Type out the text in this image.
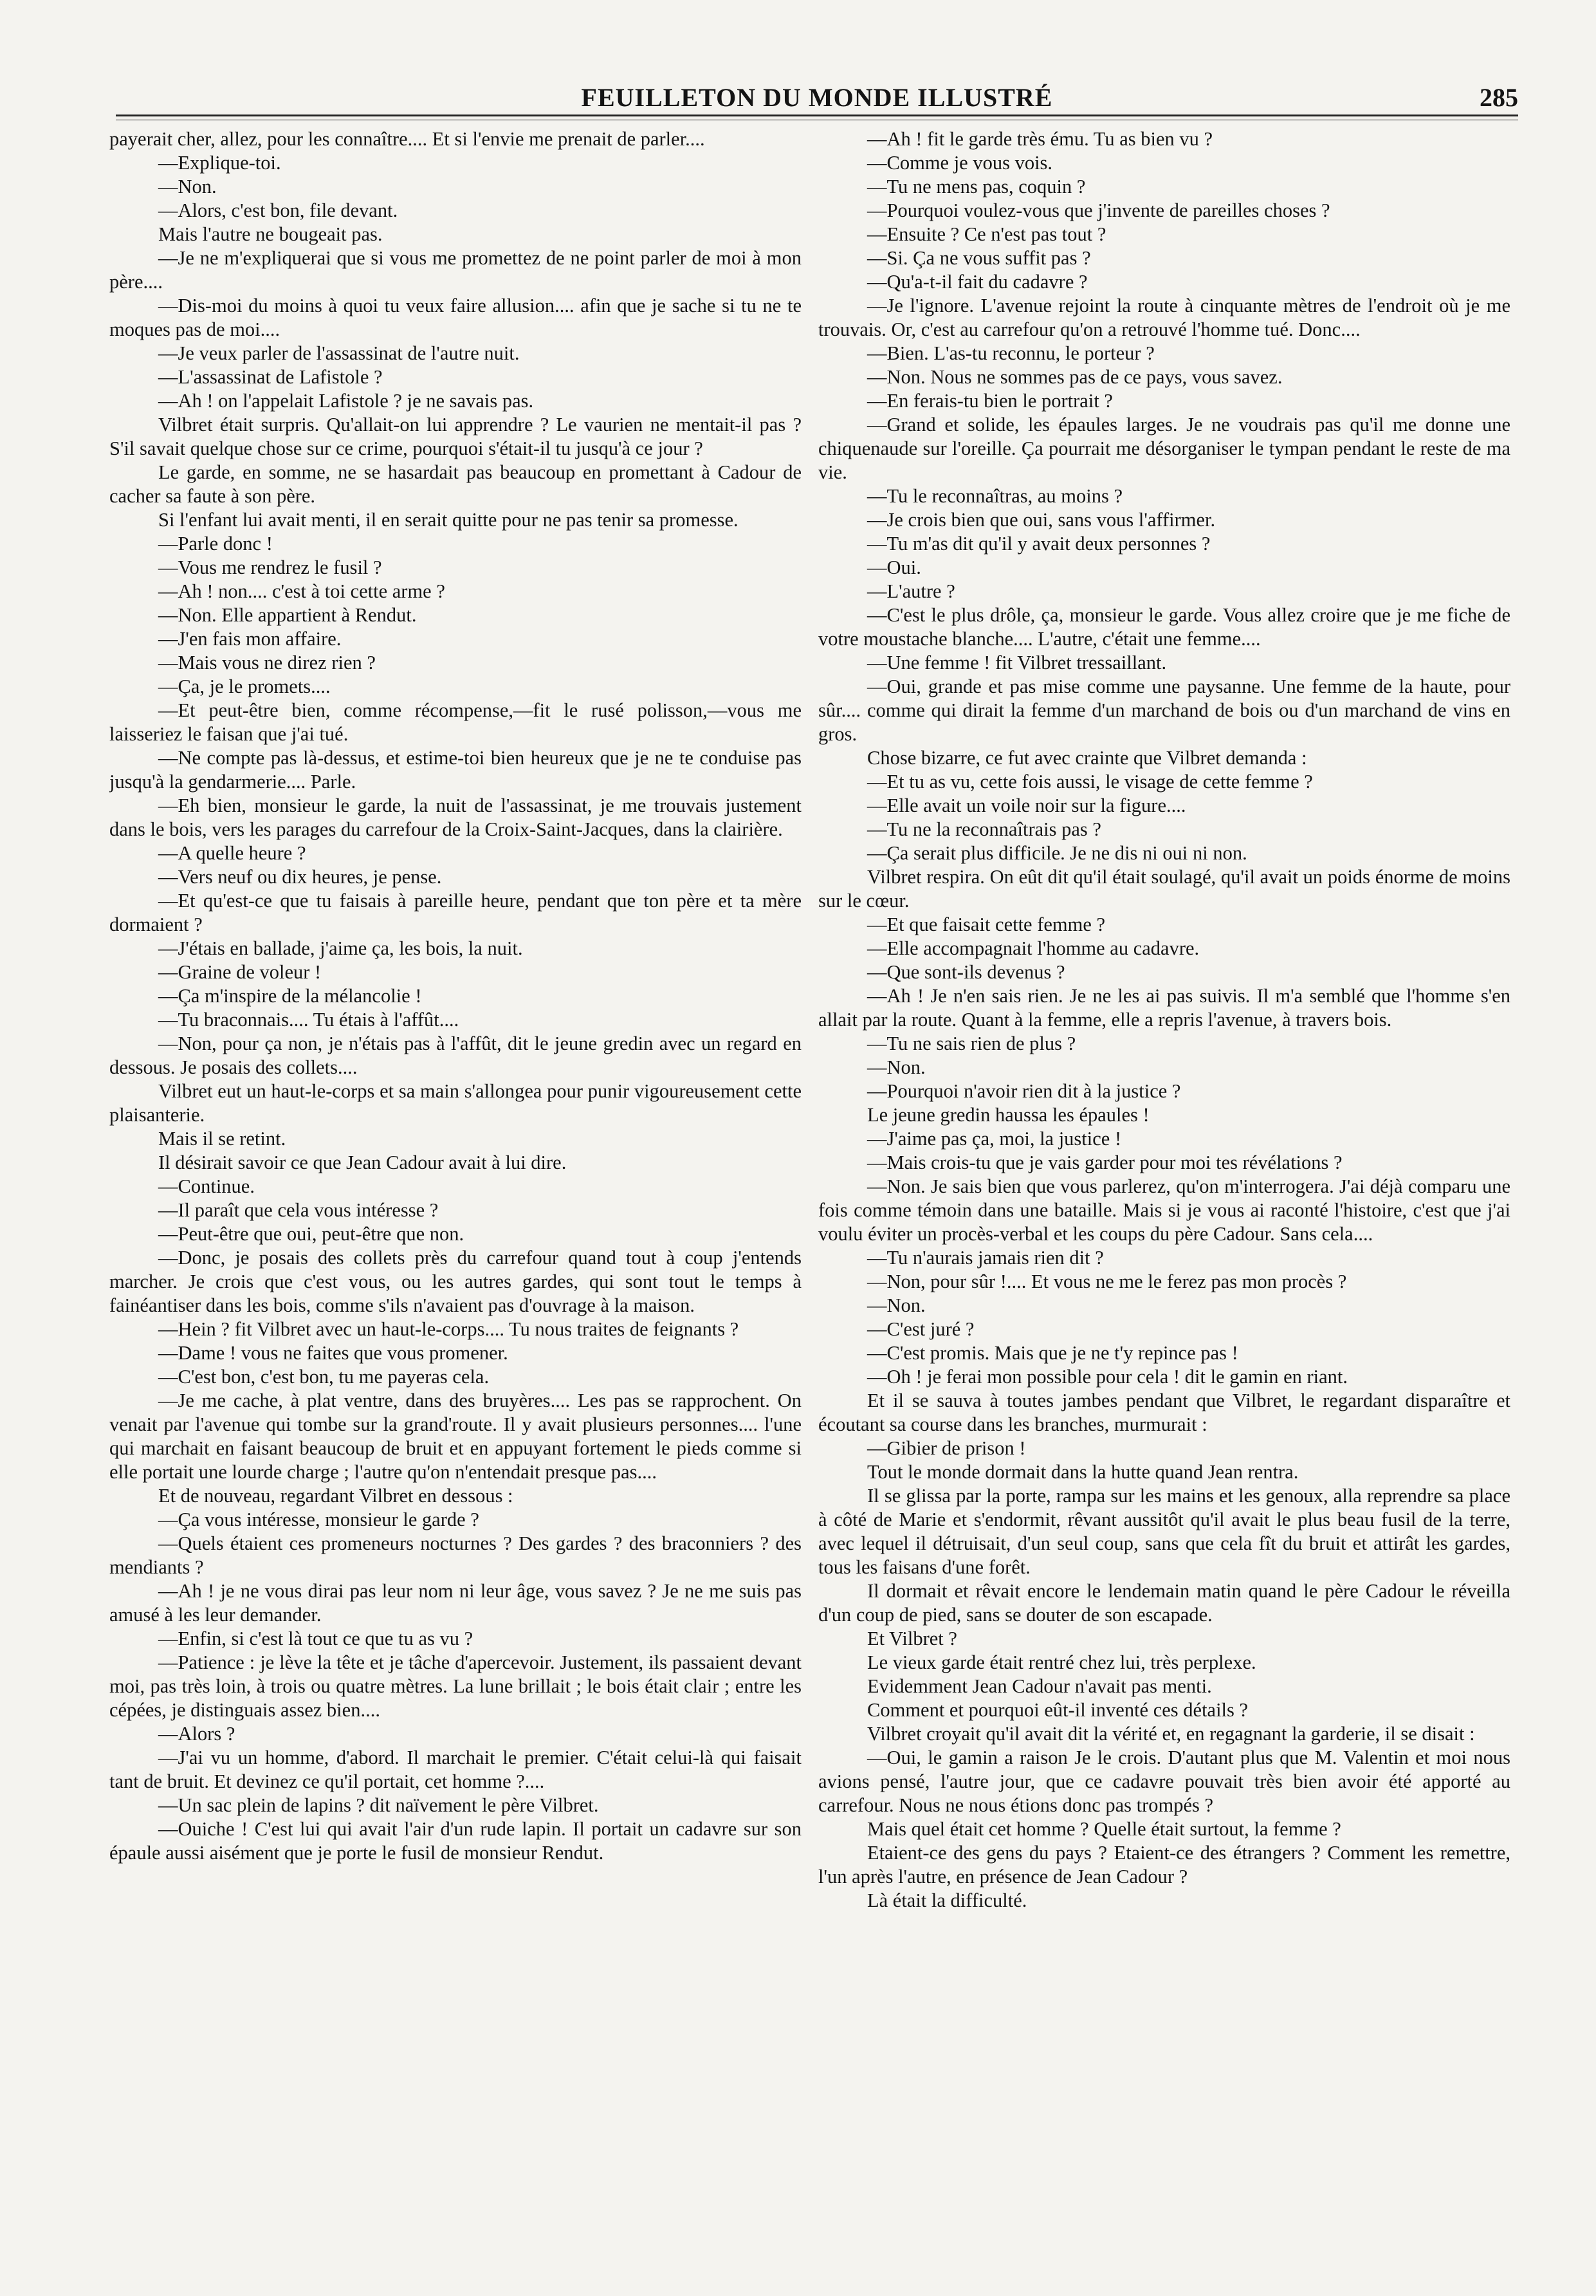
FEUILLETON DU MONDE ILLUSTRÉ	285

payerait cher, allez, pour les connaître.... Et si l'envie me prenait de parler....

—Explique-toi.

—Non.

—Alors, c'est bon, file devant.

Mais l'autre ne bougeait pas.

—Je ne m'expliquerai que si vous me promettez de ne point parler de moi à mon père....

—Dis-moi du moins à quoi tu veux faire allusion.... afin que je sache si tu ne te moques pas de moi....

—Je veux parler de l'assassinat de l'autre nuit.

—L'assassinat de Lafistole ?

—Ah ! on l'appelait Lafistole ? je ne savais pas.

Vilbret était surpris. Qu'allait-on lui apprendre ? Le vaurien ne mentait-il pas ? S'il savait quelque chose sur ce crime, pourquoi s'était-il tu jusqu'à ce jour ?

Le garde, en somme, ne se hasardait pas beaucoup en promettant à Cadour de cacher sa faute à son père.

Si l'enfant lui avait menti, il en serait quitte pour ne pas tenir sa promesse.

—Parle donc !

—Vous me rendrez le fusil ?

—Ah ! non.... c'est à toi cette arme ?

—Non. Elle appartient à Rendut.

—J'en fais mon affaire.

—Mais vous ne direz rien ?

—Ça, je le promets....

—Et peut-être bien, comme récompense,—fit le rusé polisson,—vous me laisseriez le faisan que j'ai tué.

—Ne compte pas là-dessus, et estime-toi bien heureux que je ne te conduise pas jusqu'à la gendarmerie.... Parle.

—Eh bien, monsieur le garde, la nuit de l'assassinat, je me trouvais justement dans le bois, vers les parages du carrefour de la Croix-Saint-Jacques, dans la clairière.

—A quelle heure ?

—Vers neuf ou dix heures, je pense.

—Et qu'est-ce que tu faisais à pareille heure, pendant que ton père et ta mère dormaient ?

—J'étais en ballade, j'aime ça, les bois, la nuit.

—Graine de voleur !

—Ça m'inspire de la mélancolie !

—Tu braconnais.... Tu étais à l'affût....

—Non, pour ça non, je n'étais pas à l'affût, dit le jeune gredin avec un regard en dessous. Je posais des collets....

Vilbret eut un haut-le-corps et sa main s'allongea pour punir vigoureusement cette plaisanterie.

Mais il se retint.

Il désirait savoir ce que Jean Cadour avait à lui dire.

—Continue.

—Il paraît que cela vous intéresse ?

—Peut-être que oui, peut-être que non.

—Donc, je posais des collets près du carrefour quand tout à coup j'entends marcher. Je crois que c'est vous, ou les autres gardes, qui sont tout le temps à fainéantiser dans les bois, comme s'ils n'avaient pas d'ouvrage à la maison.

—Hein ? fit Vilbret avec un haut-le-corps.... Tu nous traites de feignants ?

—Dame ! vous ne faites que vous promener.

—C'est bon, c'est bon, tu me payeras cela.

—Je me cache, à plat ventre, dans des bruyères.... Les pas se rapprochent. On venait par l'avenue qui tombe sur la grand'route. Il y avait plusieurs personnes.... l'une qui marchait en faisant beaucoup de bruit et en appuyant fortement le pieds comme si elle portait une lourde charge ; l'autre qu'on n'entendait presque pas....

Et de nouveau, regardant Vilbret en dessous :

—Ça vous intéresse, monsieur le garde ?

—Quels étaient ces promeneurs nocturnes ? Des gardes ? des braconniers ? des mendiants ?

—Ah ! je ne vous dirai pas leur nom ni leur âge, vous savez ? Je ne me suis pas amusé à les leur demander.

—Enfin, si c'est là tout ce que tu as vu ?

—Patience : je lève la tête et je tâche d'apercevoir. Justement, ils passaient devant moi, pas très loin, à trois ou quatre mètres. La lune brillait ; le bois était clair ; entre les cépées, je distinguais assez bien....

—Alors ?

—J'ai vu un homme, d'abord. Il marchait le premier. C'était celui-là qui faisait tant de bruit. Et devinez ce qu'il portait, cet homme ?....

—Un sac plein de lapins ? dit naïvement le père Vilbret.

—Ouiche ! C'est lui qui avait l'air d'un rude lapin. Il portait un cadavre sur son épaule aussi aisément que je porte le fusil de monsieur Rendut.

—Ah ! fit le garde très ému. Tu as bien vu ?

—Comme je vous vois.

—Tu ne mens pas, coquin ?

—Pourquoi voulez-vous que j'invente de pareilles choses ?

—Ensuite ? Ce n'est pas tout ?

—Si. Ça ne vous suffit pas ?

—Qu'a-t-il fait du cadavre ?

—Je l'ignore. L'avenue rejoint la route à cinquante mètres de l'endroit où je me trouvais. Or, c'est au carrefour qu'on a retrouvé l'homme tué. Donc....

—Bien. L'as-tu reconnu, le porteur ?

—Non. Nous ne sommes pas de ce pays, vous savez.

—En ferais-tu bien le portrait ?

—Grand et solide, les épaules larges. Je ne voudrais pas qu'il me donne une chiquenaude sur l'oreille. Ça pourrait me désorganiser le tympan pendant le reste de ma vie.

—Tu le reconnaîtras, au moins ?

—Je crois bien que oui, sans vous l'affirmer.

—Tu m'as dit qu'il y avait deux personnes ?

—Oui.

—L'autre ?

—C'est le plus drôle, ça, monsieur le garde. Vous allez croire que je me fiche de votre moustache blanche.... L'autre, c'était une femme....

—Une femme ! fit Vilbret tressaillant.

—Oui, grande et pas mise comme une paysanne. Une femme de la haute, pour sûr.... comme qui dirait la femme d'un marchand de bois ou d'un marchand de vins en gros.

Chose bizarre, ce fut avec crainte que Vilbret demanda :

—Et tu as vu, cette fois aussi, le visage de cette femme ?

—Elle avait un voile noir sur la figure....

—Tu ne la reconnaîtrais pas ?

—Ça serait plus difficile. Je ne dis ni oui ni non.

Vilbret respira. On eût dit qu'il était soulagé, qu'il avait un poids énorme de moins sur le cœur.

—Et que faisait cette femme ?

—Elle accompagnait l'homme au cadavre.

—Que sont-ils devenus ?

—Ah ! Je n'en sais rien. Je ne les ai pas suivis. Il m'a semblé que l'homme s'en allait par la route. Quant à la femme, elle a repris l'avenue, à travers bois.

—Tu ne sais rien de plus ?

—Non.

—Pourquoi n'avoir rien dit à la justice ?

Le jeune gredin haussa les épaules !

—J'aime pas ça, moi, la justice !

—Mais crois-tu que je vais garder pour moi tes révélations ?

—Non. Je sais bien que vous parlerez, qu'on m'interrogera. J'ai déjà comparu une fois comme témoin dans une bataille. Mais si je vous ai raconté l'histoire, c'est que j'ai voulu éviter un procès-verbal et les coups du père Cadour. Sans cela....

—Tu n'aurais jamais rien dit ?

—Non, pour sûr !.... Et vous ne me le ferez pas mon procès ?

—Non.

—C'est juré ?

—C'est promis. Mais que je ne t'y repince pas !

—Oh ! je ferai mon possible pour cela ! dit le gamin en riant.

Et il se sauva à toutes jambes pendant que Vilbret, le regardant disparaître et écoutant sa course dans les branches, murmurait :

—Gibier de prison !

Tout le monde dormait dans la hutte quand Jean rentra.

Il se glissa par la porte, rampa sur les mains et les genoux, alla reprendre sa place à côté de Marie et s'endormit, rêvant aussitôt qu'il avait le plus beau fusil de la terre, avec lequel il détruisait, d'un seul coup, sans que cela fît du bruit et attirât les gardes, tous les faisans d'une forêt.

Il dormait et rêvait encore le lendemain matin quand le père Cadour le réveilla d'un coup de pied, sans se douter de son escapade.

Et Vilbret ?

Le vieux garde était rentré chez lui, très perplexe.

Evidemment Jean Cadour n'avait pas menti.

Comment et pourquoi eût-il inventé ces détails ?

Vilbret croyait qu'il avait dit la vérité et, en regagnant la garderie, il se disait :

—Oui, le gamin a raison Je le crois. D'autant plus que M. Valentin et moi nous avions pensé, l'autre jour, que ce cadavre pouvait très bien avoir été apporté au carrefour. Nous ne nous étions donc pas trompés ?

Mais quel était cet homme ? Quelle était surtout, la femme ?

Etaient-ce des gens du pays ? Etaient-ce des étrangers ? Comment les remettre, l'un après l'autre, en présence de Jean Cadour ?

Là était la difficulté.
